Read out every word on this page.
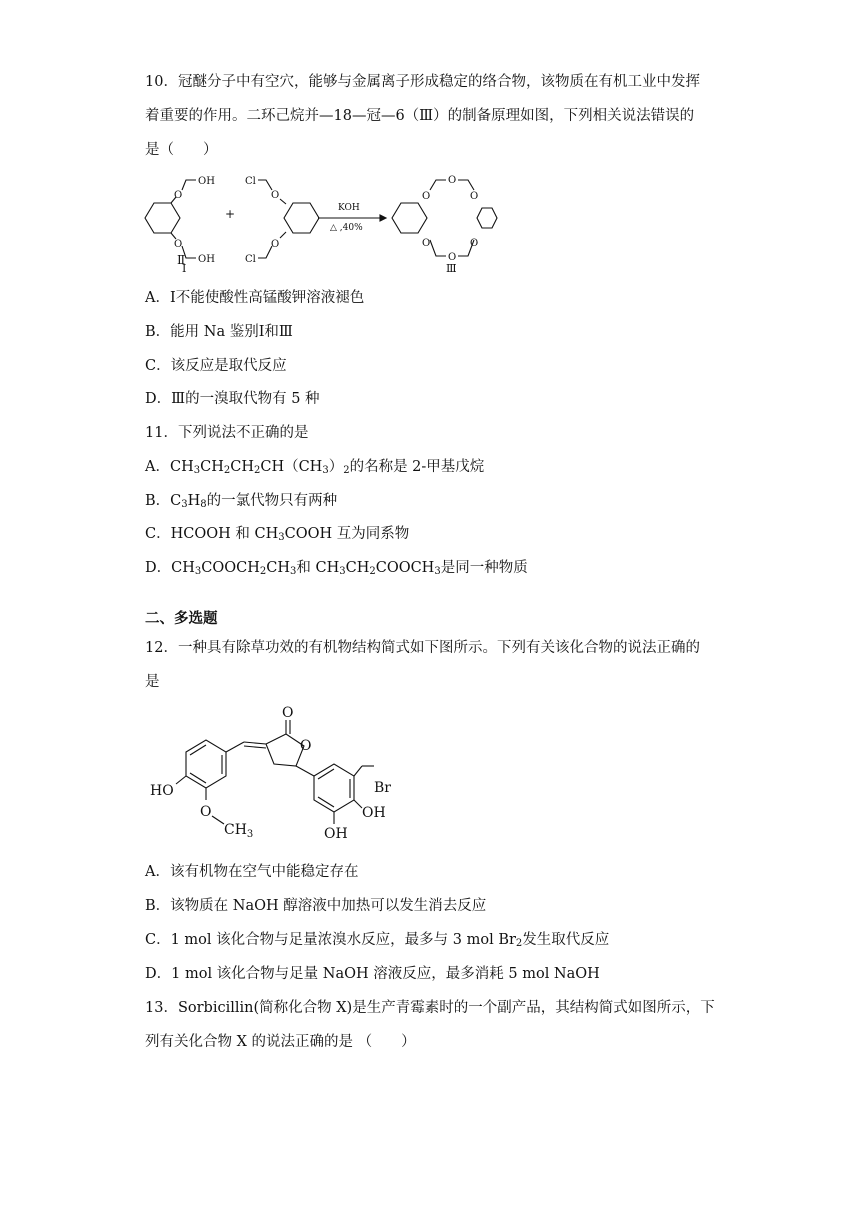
10．冠醚分子中有空穴，能够与金属离子形成稳定的络合物，该物质在有机工业中发挥
着重要的作用。二环己烷并—18—冠—6（Ⅲ）的制备原理如图，下列相关说法错误的
是（　　）
O
O
OH
OH
Ⅰ
+
Cl
Cl
O
O
KOH
△ ,40%
O
O
O
O
O
O
Ⅲ
Ⅱ
A．Ⅰ不能使酸性高锰酸钾溶液褪色
B．能用 Na 鉴别Ⅰ和Ⅲ
C．该反应是取代反应
D．Ⅲ的一溴取代物有 5 种
11．下列说法不正确的是
A．$CH_3CH_2CH_2CH(CH_3)_2$的名称是 2-甲基戊烷
B．$C_3H_8$的一氯代物只有两种
C．HCOOH 和 $CH_3COOH$ 互为同系物
D．$CH_3COOCH_2CH_3$和 $CH_3CH_2COOCH_3$是同一种物质
二、多选题
12．一种具有除草功效的有机物结构简式如下图所示。下列有关该化合物的说法正确的
是
HO
O
$CH_3$
O
O
Br
OH
OH
A．该有机物在空气中能稳定存在
B．该物质在 NaOH 醇溶液中加热可以发生消去反应
C．1 mol 该化合物与足量浓溴水反应，最多与 3 mol $Br_2$发生取代反应
D．1 mol 该化合物与足量 NaOH 溶液反应，最多消耗 5 mol NaOH
13．Sorbicillin(简称化合物 X)是生产青霉素时的一个副产品，其结构简式如图所示，下
列有关化合物 X 的说法正确的是 （　　）
